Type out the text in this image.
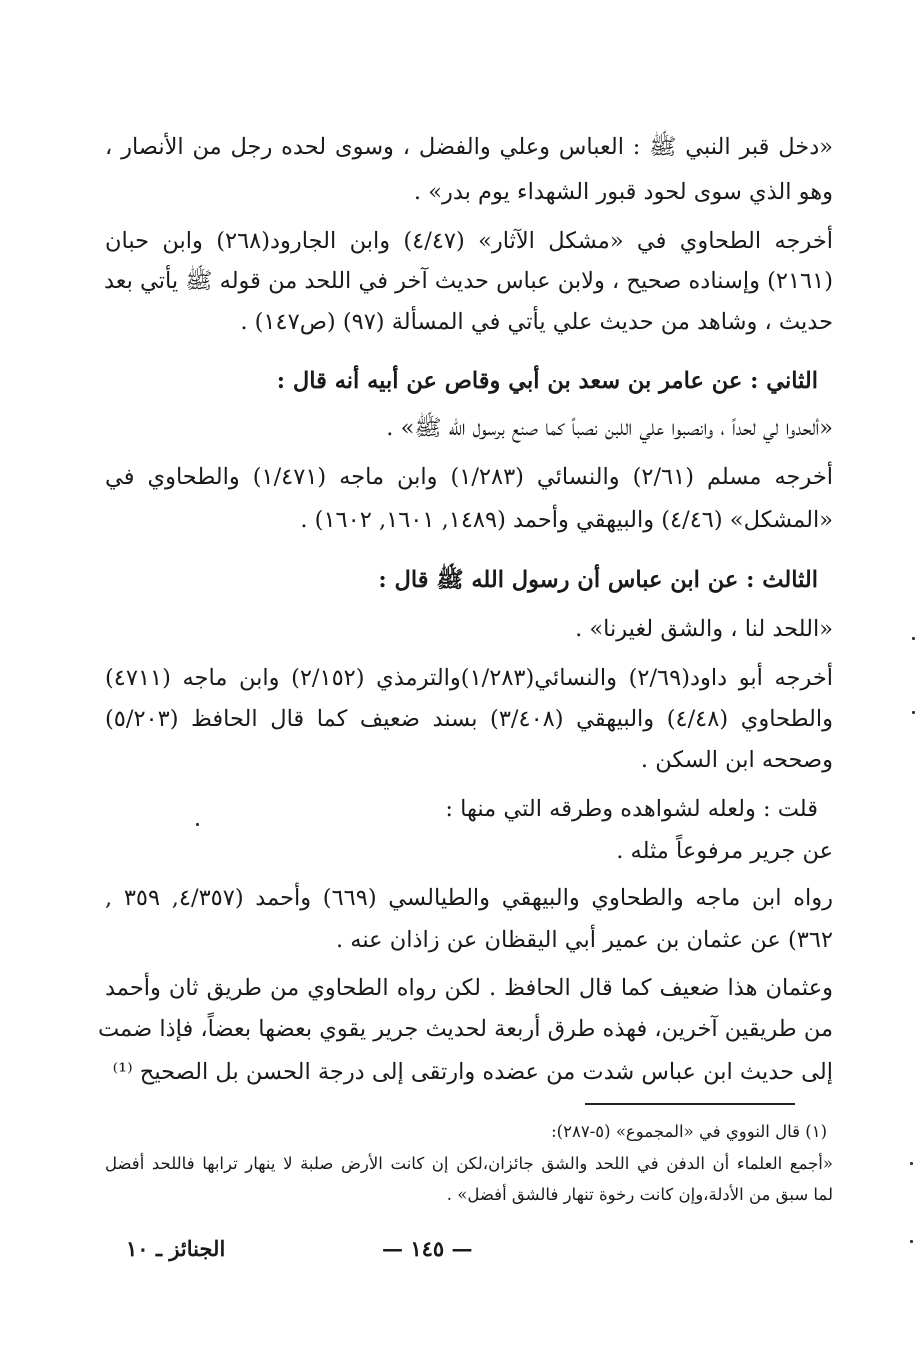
«دخل قبر النبي ﷺ : العباس وعلي والفضل ، وسوى لحده رجل من الأنصار ،
وهو الذي سوى لحود قبور الشهداء يوم بدر» .
أخرجه الطحاوي في «مشكل الآثار» (٤/٤٧) وابن الجارود(٢٦٨) وابن حبان
(٢١٦١) وإسناده صحيح ، ولابن عباس حديث آخر في اللحد من قوله ﷺ يأتي بعد
حديث ، وشاهد من حديث علي يأتي في المسألة (٩٧) (ص١٤٧) .
الثاني : عن عامر بن سعد بن أبي وقاص عن أبيه أنه قال :
«ألحدوا لي لحداً ، وانصبوا علي اللبن نصباً كما صنع برسول الله ﷺ» .
أخرجه مسلم (٢/٦١) والنسائي (١/٢٨٣) وابن ماجه (١/٤٧١) والطحاوي في
«المشكل» (٤/٤٦) والبيهقي وأحمد (١٤٨٩, ١٦٠١, ١٦٠٢) .
الثالث : عن ابن عباس أن رسول الله ﷺ قال :
«اللحد لنا ، والشق لغيرنا» .
أخرجه أبو داود(٢/٦٩) والنسائي(١/٢٨٣)والترمذي (٢/١٥٢) وابن ماجه (٤٧١١)
والطحاوي (٤/٤٨) والبيهقي (٣/٤٠٨) بسند ضعيف كما قال الحافظ (٥/٢٠٣)
وصححه ابن السكن .
قلت : ولعله لشواهده وطرقه التي منها :
عن جرير مرفوعاً مثله .
رواه ابن ماجه والطحاوي والبيهقي والطيالسي (٦٦٩) وأحمد (٤/٣٥٧, ٣٥٩ ,
٣٦٢) عن عثمان بن عمير أبي اليقظان عن زاذان عنه .
وعثمان هذا ضعيف كما قال الحافظ . لكن رواه الطحاوي من طريق ثان وأحمد
من طريقين آخرين، فهذه طرق أربعة لحديث جرير يقوي بعضها بعضاً، فإذا ضمت
إلى حديث ابن عباس شدت من عضده وارتقى إلى درجة الحسن بل الصحيح ⁽¹⁾
(١) قال النووي في «المجموع» (٥-٢٨٧):
«أجمع العلماء أن الدفن في اللحد والشق جائزان،لكن إن كانت الأرض صلبة لا ينهار ترابها فاللحد أفضل
لما سبق من الأدلة،وإن كانت رخوة تنهار فالشق أفضل» .
— ١٤٥ —
الجنائز ـ ١٠
